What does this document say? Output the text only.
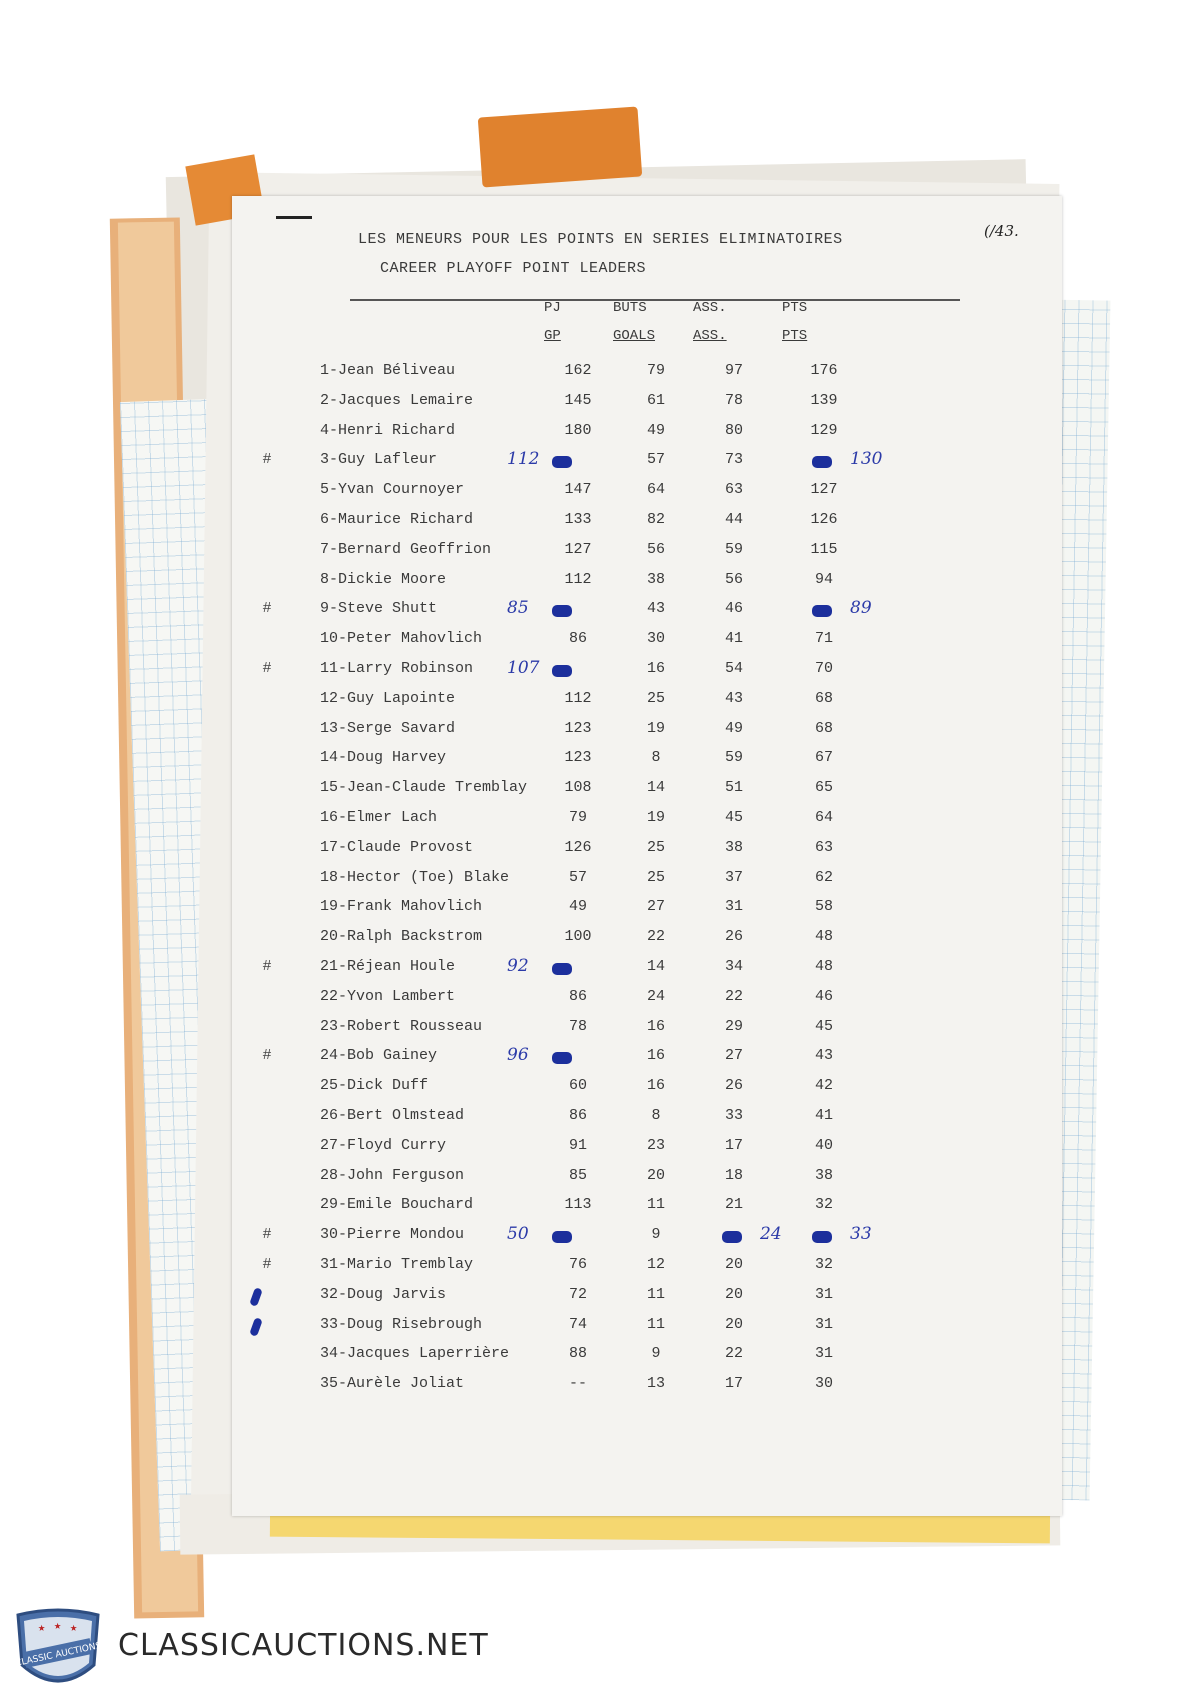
(/43.
LES MENEURS POUR LES POINTS EN SERIES ELIMINATOIRES
CAREER PLAYOFF POINT LEADERS
PJ	BUTS	ASS.	PTS
GP	GOALS	ASS.	PTS
1-Jean Béliveau	162	79	97	176
2-Jacques Lemaire	145	61	78	139
4-Henri Richard	180	49	80	129
#	3-Guy Lafleur	112	57	73	130
5-Yvan Cournoyer	147	64	63	127
6-Maurice Richard	133	82	44	126
7-Bernard Geoffrion	127	56	59	115
8-Dickie Moore	112	38	56	94
#	9-Steve Shutt	85	43	46	89
10-Peter Mahovlich	86	30	41	71
#	11-Larry Robinson 107	16	54	70
12-Guy Lapointe	112	25	43	68
13-Serge Savard	123	19	49	68
14-Doug Harvey	123	8	59	67
15-Jean-Claude Tremblay	108	14	51	65
16-Elmer Lach	79	19	45	64
17-Claude Provost	126	25	38	63
18-Hector (Toe) Blake	57	25	37	62
19-Frank Mahovlich	49	27	31	58
20-Ralph Backstrom	100	22	26	48
#	21-Réjean Houle	92	14	34	48
22-Yvon Lambert	86	24	22	46
23-Robert Rousseau	78	16	29	45
#	24-Bob Gainey	96	16	27	43
25-Dick Duff	60	16	26	42
26-Bert Olmstead	86	8	33	41
27-Floyd Curry	91	23	17	40
28-John Ferguson	85	20	18	38
29-Emile Bouchard	113	11	21	32
#	30-Pierre Mondou	50	9	24	33
#	31-Mario Tremblay	76	12	20	32
32-Doug Jarvis	72	11	20	31
33-Doug Risebrough	74	11	20	31
34-Jacques Laperrière	88	9	22	31
35-Aurèle Joliat	--	13	17	30
★ ★ ★
CLASSIC AUCTIONS CLASSICAUCTIONS.NET
